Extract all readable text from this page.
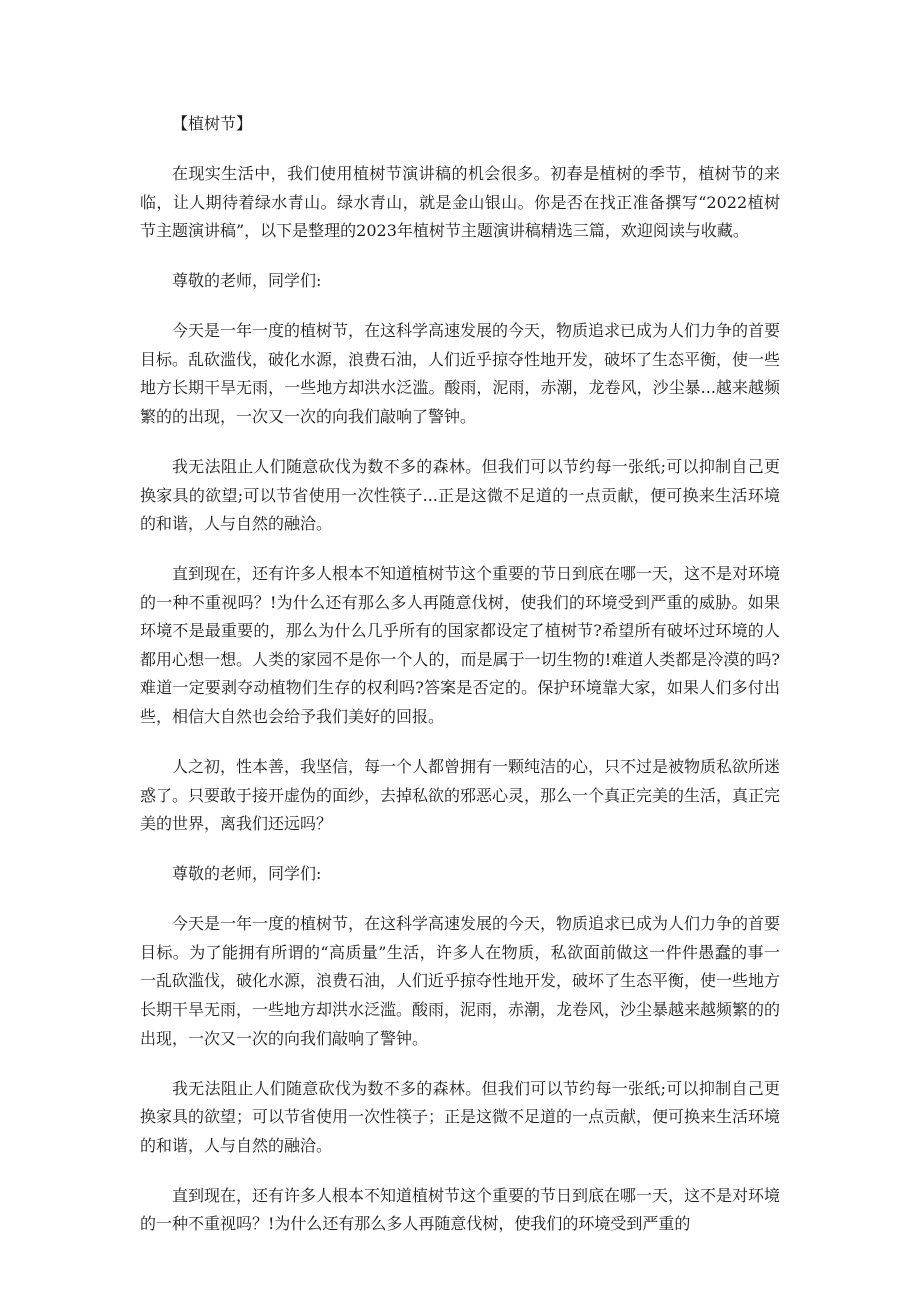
【植树节】

在现实生活中，我们使用植树节演讲稿的机会很多。初春是植树的季节，植树节的来临，让人期待着绿水青山。绿水青山，就是金山银山。你是否在找正准备撰写“2022植树节主题演讲稿”，以下是整理的2023年植树节主题演讲稿精选三篇，欢迎阅读与收藏。

尊敬的老师，同学们:

今天是一年一度的植树节，在这科学高速发展的今天，物质追求已成为人们力争的首要目标。乱砍滥伐，破化水源，浪费石油，人们近乎掠夺性地开发，破坏了生态平衡，使一些地方长期干旱无雨，一些地方却洪水泛滥。酸雨，泥雨，赤潮，龙卷风，沙尘暴...越来越频繁的的出现，一次又一次的向我们敲响了警钟。

我无法阻止人们随意砍伐为数不多的森林。但我们可以节约每一张纸;可以抑制自己更换家具的欲望;可以节省使用一次性筷子...正是这微不足道的一点贡献，便可换来生活环境的和谐，人与自然的融洽。

直到现在，还有许多人根本不知道植树节这个重要的节日到底在哪一天，这不是对环境的一种不重视吗？!为什么还有那么多人再随意伐树，使我们的环境受到严重的威胁。如果环境不是最重要的，那么为什么几乎所有的国家都设定了植树节?希望所有破坏过环境的人都用心想一想。人类的家园不是你一个人的，而是属于一切生物的!难道人类都是冷漠的吗?难道一定要剥夺动植物们生存的权利吗?答案是否定的。保护环境靠大家，如果人们多付出些，相信大自然也会给予我们美好的回报。

人之初，性本善，我坚信，每一个人都曾拥有一颗纯洁的心，只不过是被物质私欲所迷惑了。只要敢于接开虚伪的面纱，去掉私欲的邪恶心灵，那么一个真正完美的生活，真正完美的世界，离我们还远吗？

尊敬的老师，同学们:

今天是一年一度的植树节，在这科学高速发展的今天，物质追求已成为人们力争的首要目标。为了能拥有所谓的“高质量”生活，许多人在物质，私欲面前做这一件件愚蠢的事一一乱砍滥伐，破化水源，浪费石油，人们近乎掠夺性地开发，破坏了生态平衡，使一些地方长期干旱无雨，一些地方却洪水泛滥。酸雨，泥雨，赤潮，龙卷风，沙尘暴越来越频繁的的出现，一次又一次的向我们敲响了警钟。

我无法阻止人们随意砍伐为数不多的森林。但我们可以节约每一张纸;可以抑制自己更换家具的欲望；可以节省使用一次性筷子；正是这微不足道的一点贡献，便可换来生活环境的和谐，人与自然的融洽。

直到现在，还有许多人根本不知道植树节这个重要的节日到底在哪一天，这不是对环境的一种不重视吗？!为什么还有那么多人再随意伐树，使我们的环境受到严重的
